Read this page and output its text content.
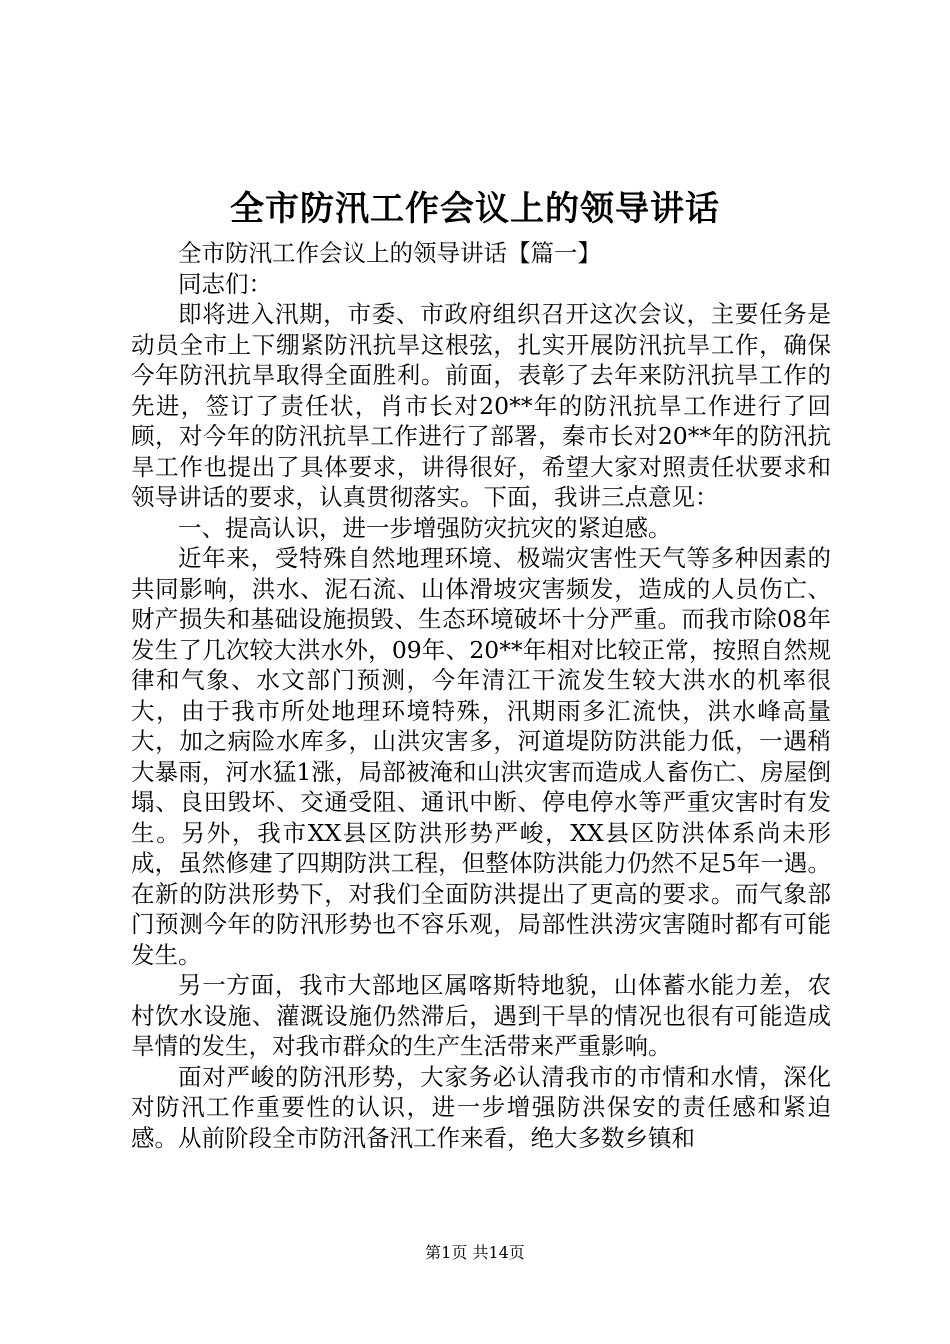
全市防汛工作会议上的领导讲话

全市防汛工作会议上的领导讲话【篇一】

同志们：

即将进入汛期，市委、市政府组织召开这次会议，主要任务是动员全市上下绷紧防汛抗旱这根弦，扎实开展防汛抗旱工作，确保今年防汛抗旱取得全面胜利。前面，表彰了去年来防汛抗旱工作的先进，签订了责任状，肖市长对20**年的防汛抗旱工作进行了回顾，对今年的防汛抗旱工作进行了部署，秦市长对20**年的防汛抗旱工作也提出了具体要求，讲得很好，希望大家对照责任状要求和领导讲话的要求，认真贯彻落实。下面，我讲三点意见：

一、提高认识，进一步增强防灾抗灾的紧迫感。

近年来，受特殊自然地理环境、极端灾害性天气等多种因素的共同影响，洪水、泥石流、山体滑坡灾害频发，造成的人员伤亡、财产损失和基础设施损毁、生态环境破坏十分严重。而我市除08年发生了几次较大洪水外，09年、20**年相对比较正常，按照自然规律和气象、水文部门预测，今年清江干流发生较大洪水的机率很大，由于我市所处地理环境特殊，汛期雨多汇流快，洪水峰高量大，加之病险水库多，山洪灾害多，河道堤防防洪能力低，一遇稍大暴雨，河水猛1涨，局部被淹和山洪灾害而造成人畜伤亡、房屋倒塌、良田毁坏、交通受阻、通讯中断、停电停水等严重灾害时有发生。另外，我市XX县区防洪形势严峻，XX县区防洪体系尚未形成，虽然修建了四期防洪工程，但整体防洪能力仍然不足5年一遇。在新的防洪形势下，对我们全面防洪提出了更高的要求。而气象部门预测今年的防汛形势也不容乐观，局部性洪涝灾害随时都有可能发生。

另一方面，我市大部地区属喀斯特地貌，山体蓄水能力差，农村饮水设施、灌溉设施仍然滞后，遇到干旱的情况也很有可能造成旱情的发生，对我市群众的生产生活带来严重影响。

面对严峻的防汛形势，大家务必认清我市的市情和水情，深化对防汛工作重要性的认识，进一步增强防洪保安的责任感和紧迫感。从前阶段全市防汛备汛工作来看，绝大多数乡镇和

第1页 共14页
